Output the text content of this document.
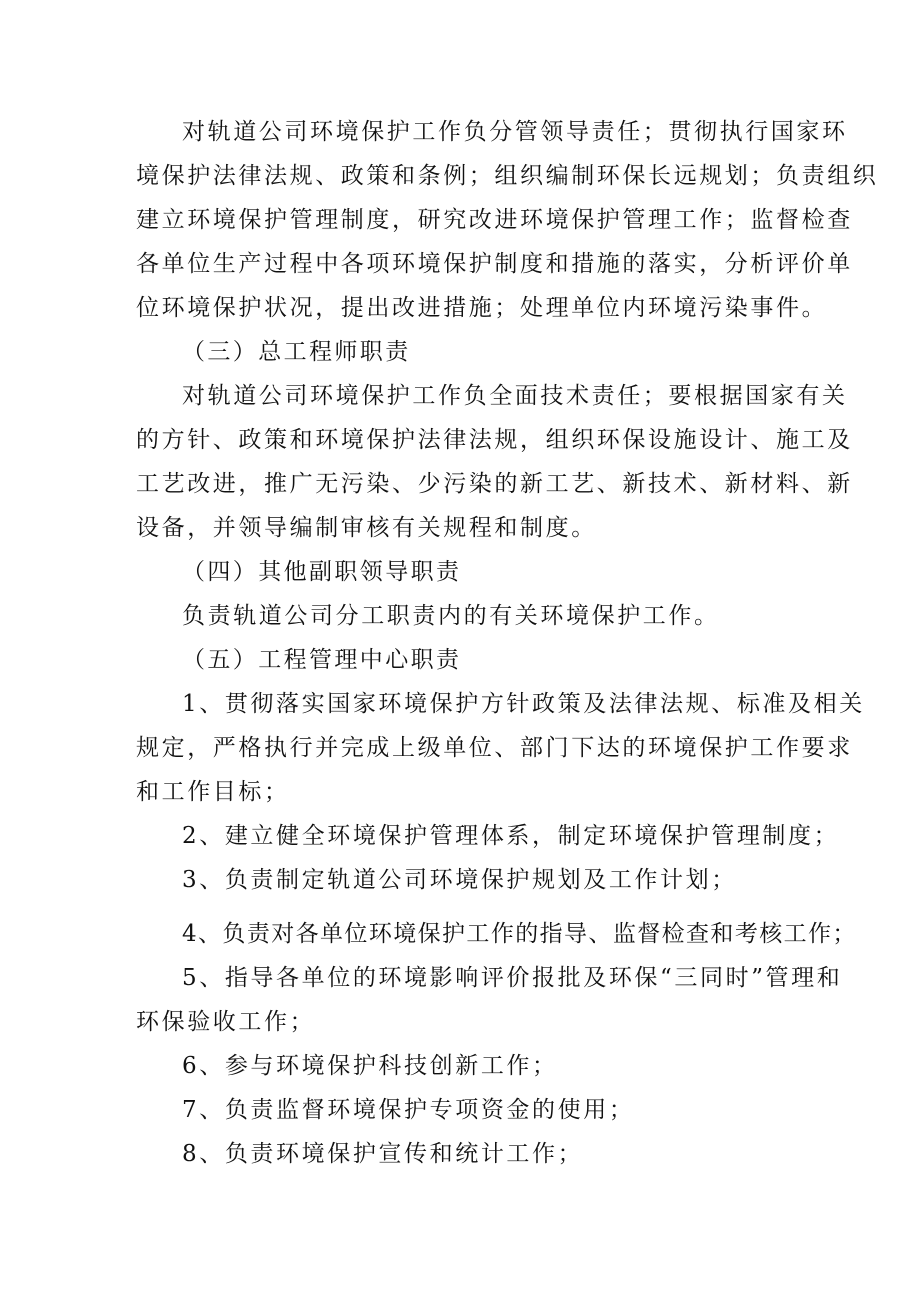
对轨道公司环境保护工作负分管领导责任；贯彻执行国家环
境保护法律法规、政策和条例；组织编制环保长远规划；负责组织
建立环境保护管理制度，研究改进环境保护管理工作；监督检查
各单位生产过程中各项环境保护制度和措施的落实，分析评价单
位环境保护状况，提出改进措施；处理单位内环境污染事件。
（三）总工程师职责
对轨道公司环境保护工作负全面技术责任；要根据国家有关
的方针、政策和环境保护法律法规，组织环保设施设计、施工及
工艺改进，推广无污染、少污染的新工艺、新技术、新材料、新
设备，并领导编制审核有关规程和制度。
（四）其他副职领导职责
负责轨道公司分工职责内的有关环境保护工作。
（五）工程管理中心职责
1、贯彻落实国家环境保护方针政策及法律法规、标准及相关
规定，严格执行并完成上级单位、部门下达的环境保护工作要求
和工作目标；
2、建立健全环境保护管理体系，制定环境保护管理制度；
3、负责制定轨道公司环境保护规划及工作计划；
4、负责对各单位环境保护工作的指导、监督检查和考核工作；
5、指导各单位的环境影响评价报批及环保“三同时”管理和
环保验收工作；
6、参与环境保护科技创新工作；
7、负责监督环境保护专项资金的使用；
8、负责环境保护宣传和统计工作；
